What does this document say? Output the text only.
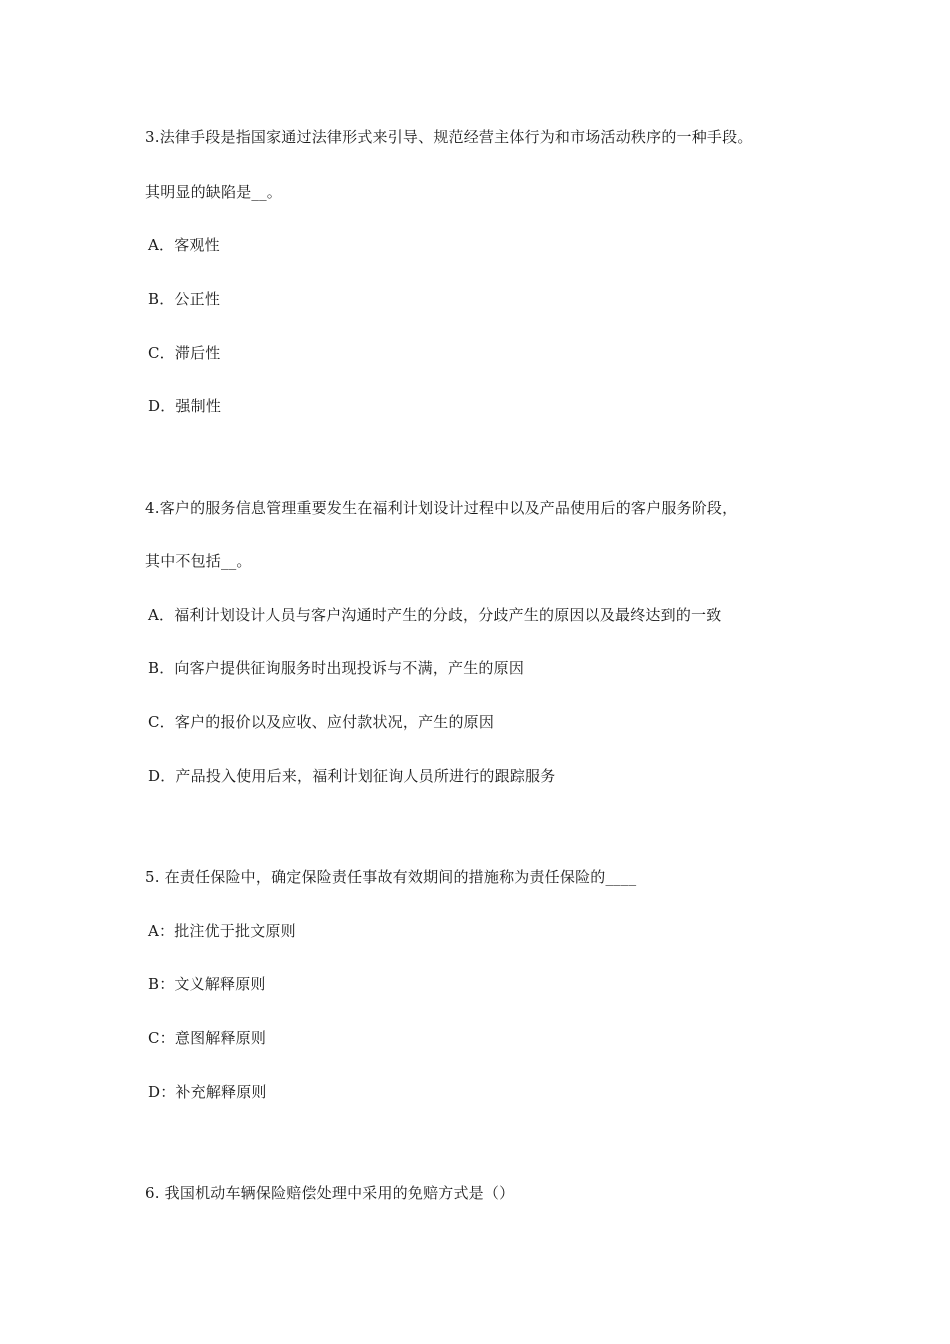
3.法律手段是指国家通过法律形式来引导、规范经营主体行为和市场活动秩序的一种手段。
其明显的缺陷是__。
A．客观性
B．公正性
C．滞后性
D．强制性
4.客户的服务信息管理重要发生在福利计划设计过程中以及产品使用后的客户服务阶段，
其中不包括__。
A．福利计划设计人员与客户沟通时产生的分歧，分歧产生的原因以及最终达到的一致
B．向客户提供征询服务时出现投诉与不满，产生的原因
C．客户的报价以及应收、应付款状况，产生的原因
D．产品投入使用后来，福利计划征询人员所进行的跟踪服务
5. 在责任保险中，确定保险责任事故有效期间的措施称为责任保险的____
A：批注优于批文原则
B：文义解释原则
C：意图解释原则
D：补充解释原则
6. 我国机动车辆保险赔偿处理中采用的免赔方式是（）
